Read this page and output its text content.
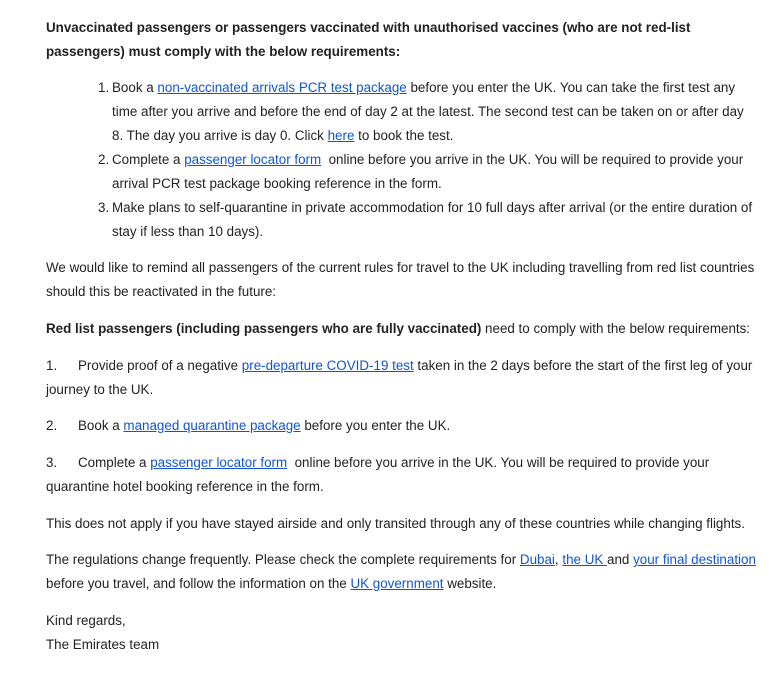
Unvaccinated passengers or passengers vaccinated with unauthorised vaccines (who are not red-list passengers) must comply with the below requirements:

1. Book a non-vaccinated arrivals PCR test package before you enter the UK. You can take the first test any time after you arrive and before the end of day 2 at the latest. The second test can be taken on or after day 8. The day you arrive is day 0. Click here to book the test.
2. Complete a passenger locator form  online before you arrive in the UK. You will be required to provide your arrival PCR test package booking reference in the form.
3. Make plans to self-quarantine in private accommodation for 10 full days after arrival (or the entire duration of stay if less than 10 days).

We would like to remind all passengers of the current rules for travel to the UK including travelling from red list countries should this be reactivated in the future:

Red list passengers (including passengers who are fully vaccinated) need to comply with the below requirements:

1. Provide proof of a negative pre-departure COVID-19 test taken in the 2 days before the start of the first leg of your journey to the UK.

2. Book a managed quarantine package before you enter the UK.

3. Complete a passenger locator form  online before you arrive in the UK. You will be required to provide your quarantine hotel booking reference in the form.

This does not apply if you have stayed airside and only transited through any of these countries while changing flights.

The regulations change frequently. Please check the complete requirements for Dubai, the UK and your final destination before you travel, and follow the information on the UK government website.

Kind regards,

The Emirates team
